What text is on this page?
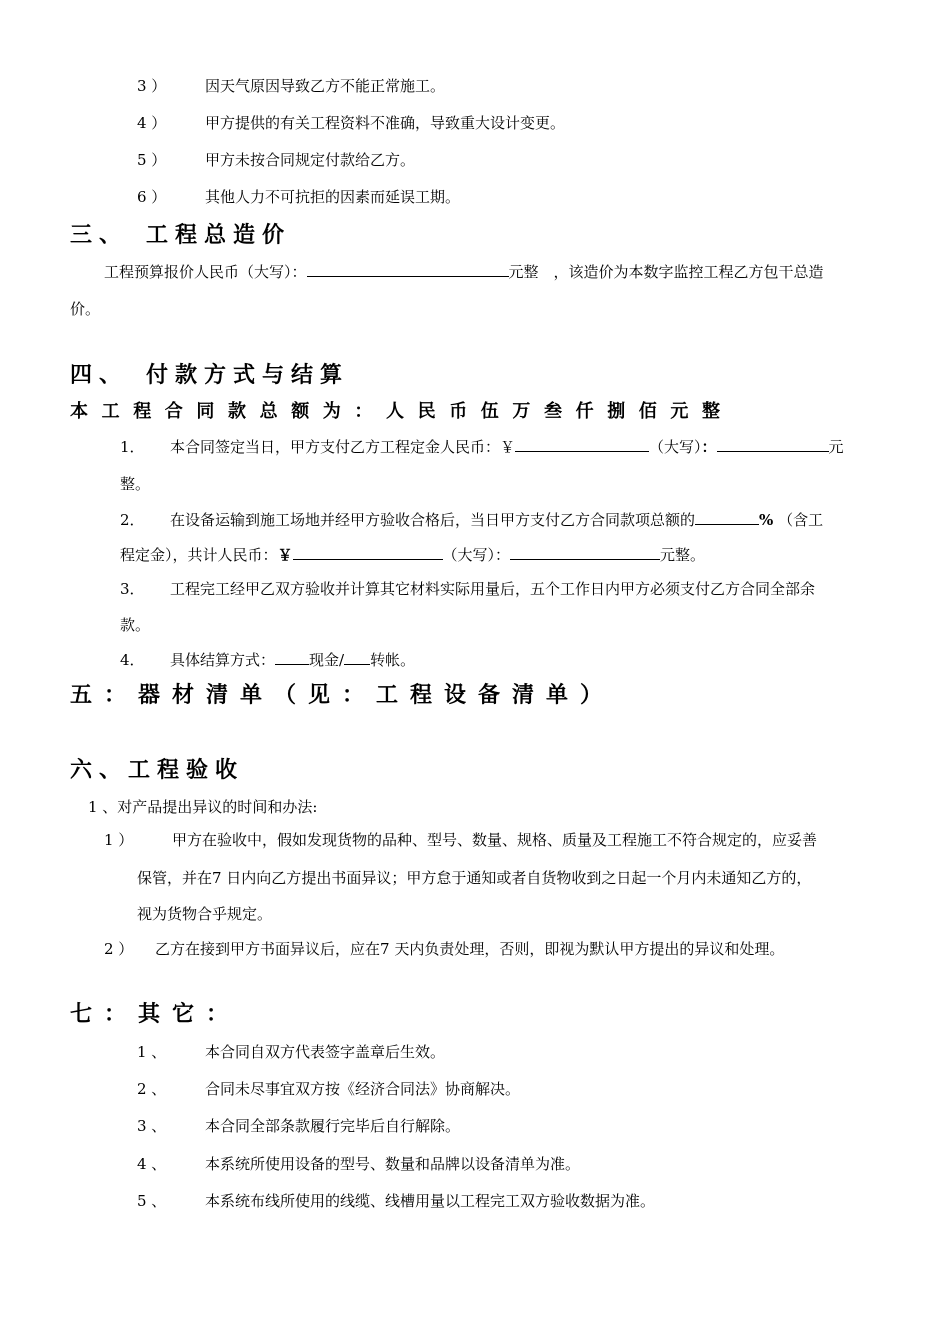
3 ）	因天气原因导致乙方不能正常施工。
4 ）	甲方提供的有关工程资料不准确，导致重大设计变更。
5 ）	甲方未按合同规定付款给乙方。
6 ）	其他人力不可抗拒的因素而延误工期。
三、　工程总造价
工程预算报价人民币（大写）：	元整　，该造价为本数字监控工程乙方包干总造
价。
四、　付款方式与结算
本工程合同款总额为：人民币伍万叁仟捌佰元整
1． 本合同签定当日，甲方支付乙方工程定金人民币：￥	（大写）：	元
整。
2． 在设备运输到施工场地并经甲方验收合格后，当日甲方支付乙方合同款项总额的	% （含工
程定金），共计人民币：￥	（大写）：	元整。
3． 工程完工经甲乙双方验收并计算其它材料实际用量后，五个工作日内甲方必须支付乙方合同全部余
款。
4． 具体结算方式： 现金/ 转帐。
五：器材清单（见：工程设备清单）
六、工程验收
1 、对产品提出异议的时间和办法:
1 ）	甲方在验收中，假如发现货物的品种、型号、数量、规格、质量及工程施工不符合规定的，应妥善
保管，并在7 日内向乙方提出书面异议；甲方怠于通知或者自货物收到之日起一个月内未通知乙方的，
视为货物合乎规定。
2 ） 乙方在接到甲方书面异议后，应在7 天内负责处理，否则，即视为默认甲方提出的异议和处理。
七：其它：
1 、	本合同自双方代表签字盖章后生效。
2 、	合同未尽事宜双方按《经济合同法》协商解决。
3 、	本合同全部条款履行完毕后自行解除。
4 、	本系统所使用设备的型号、数量和品牌以设备清单为准。
5 、	本系统布线所使用的线缆、线槽用量以工程完工双方验收数据为准。
